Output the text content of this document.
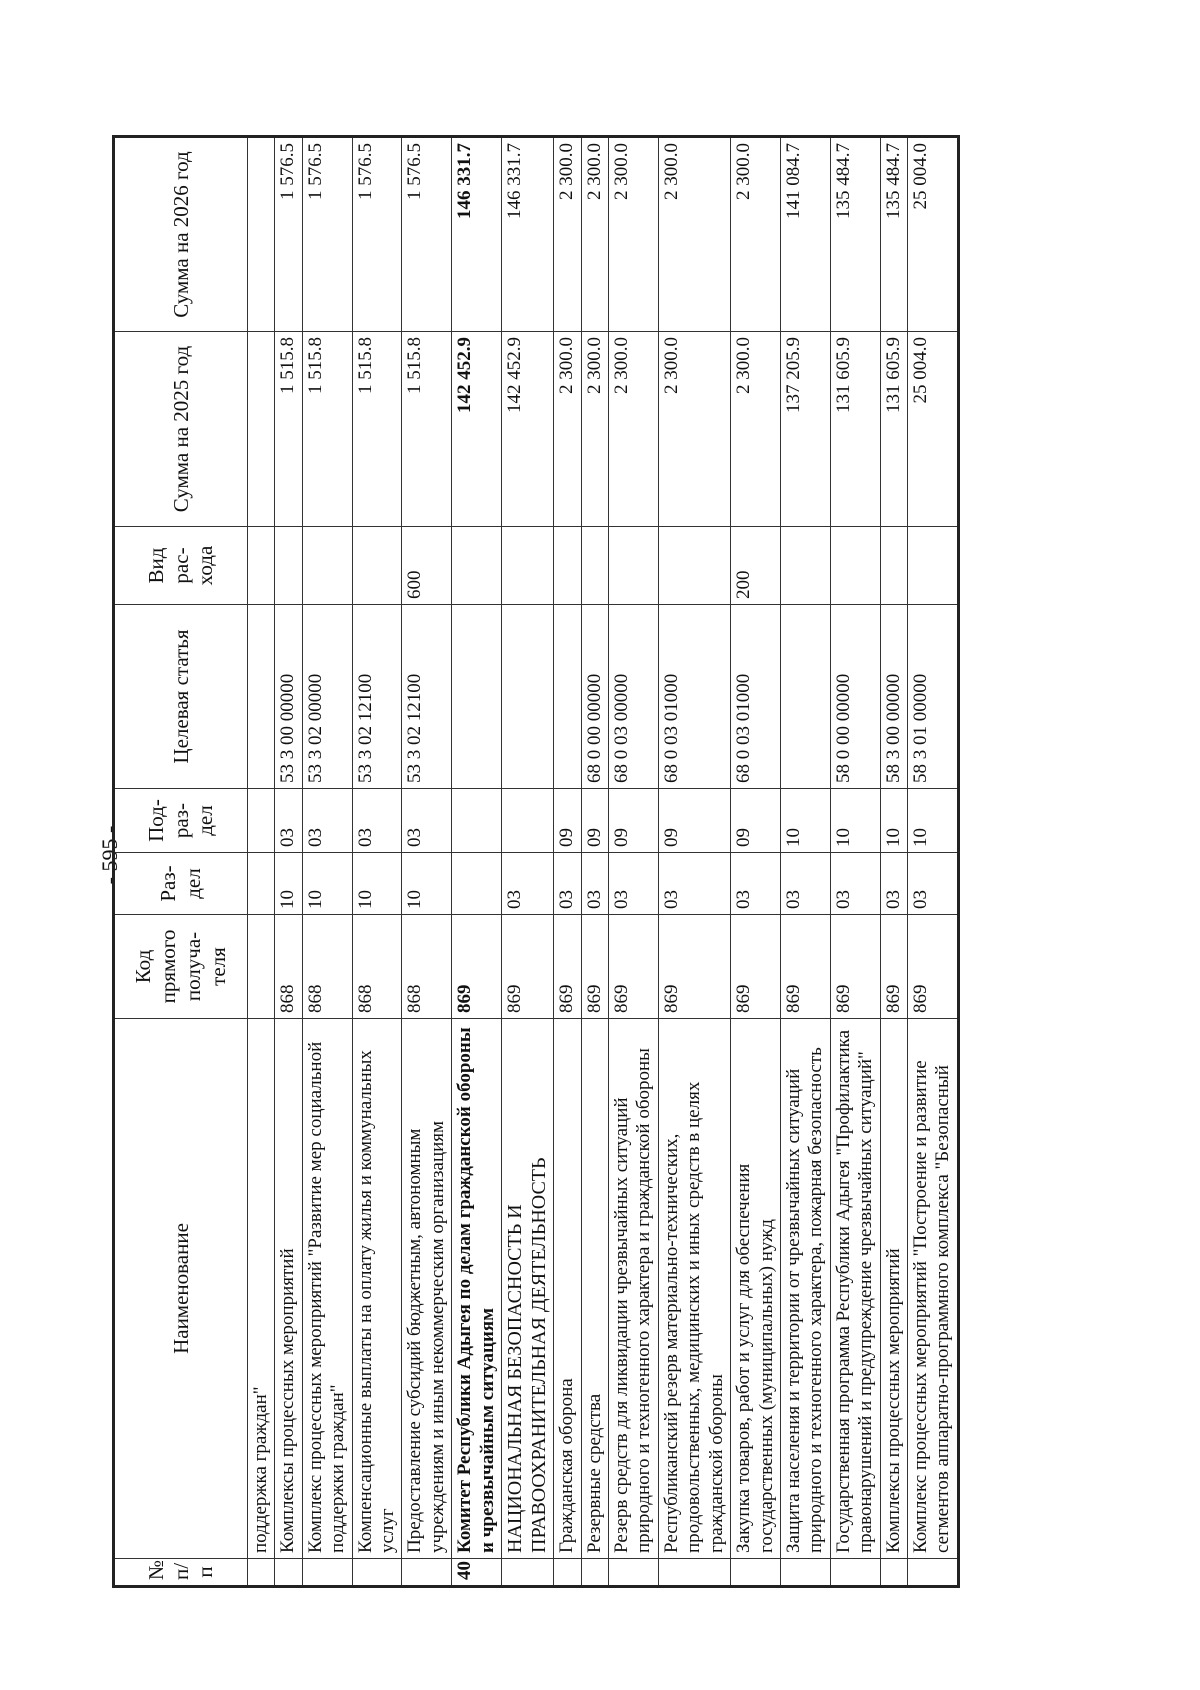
- 595 -
№ п/п	Наименование	Код прямого получа-теля	Раз-дел	Под-раз-дел	Целевая статья	Вид рас-хода	Сумма на 2025 год	Сумма на 2026 год
	поддержка граждан"							
	Комплексы процессных мероприятий	868	10	03	53 3 00 00000		1 515.8	1 576.5
	Комплекс процессных мероприятий "Развитие мер социальной поддержки граждан"	868	10	03	53 3 02 00000		1 515.8	1 576.5
	Компенсационные выплаты на оплату жилья и коммунальных услуг	868	10	03	53 3 02 12100		1 515.8	1 576.5
	Предоставление субсидий бюджетным, автономным учреждениям и иным некоммерческим организациям	868	10	03	53 3 02 12100	600	1 515.8	1 576.5
40	Комитет Республики Адыгея по делам гражданской обороны и чрезвычайным ситуациям	869					142 452.9	146 331.7
	НАЦИОНАЛЬНАЯ БЕЗОПАСНОСТЬ И ПРАВООХРАНИТЕЛЬНАЯ ДЕЯТЕЛЬНОСТЬ	869	03				142 452.9	146 331.7
	Гражданская оборона	869	03	09			2 300.0	2 300.0
	Резервные средства	869	03	09	68 0 00 00000		2 300.0	2 300.0
	Резерв средств для ликвидации чрезвычайных ситуаций природного и техногенного характера и гражданской обороны	869	03	09	68 0 03 00000		2 300.0	2 300.0
	Республиканский резерв материально-технических, продовольственных, медицинских и иных средств в целях гражданской обороны	869	03	09	68 0 03 01000		2 300.0	2 300.0
	Закупка товаров, работ и услуг для обеспечения государственных (муниципальных) нужд	869	03	09	68 0 03 01000	200	2 300.0	2 300.0
	Защита населения и территории от чрезвычайных ситуаций природного и техногенного характера, пожарная безопасность	869	03	10			137 205.9	141 084.7
	Государственная программа Республики Адыгея "Профилактика правонарушений и предупреждение чрезвычайных ситуаций"	869	03	10	58 0 00 00000		131 605.9	135 484.7
	Комплексы процессных мероприятий	869	03	10	58 3 00 00000		131 605.9	135 484.7
	Комплекс процессных мероприятий "Построение и развитие сегментов аппаратно-программного комплекса "Безопасный	869	03	10	58 3 01 00000		25 004.0	25 004.0
